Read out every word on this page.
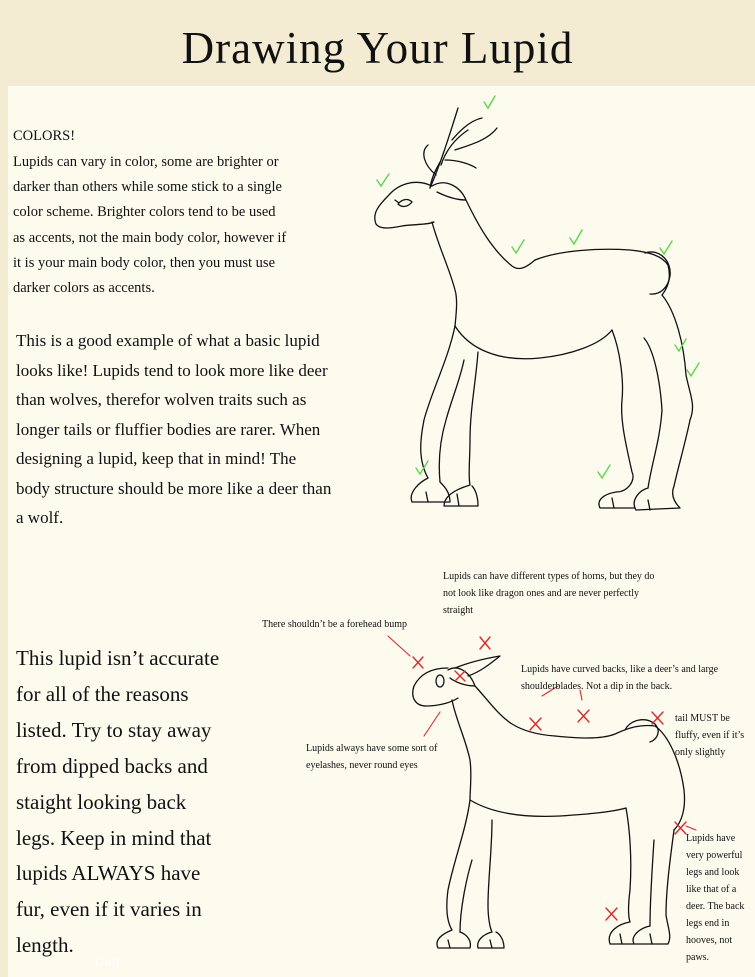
Drawing Your Lupid
COLORS!
Lupids can vary in color, some are brighter or
darker than others while some stick to a single
color scheme. Brighter colors tend to be used
as accents, not the main body color, however if
it is your main body color, then you must use
darker colors as accents.
This is a good example of what a basic lupid
looks like! Lupids tend to look more like deer
than wolves, therefor wolven traits such as
longer tails or fluffier bodies are rarer. When
designing a lupid, keep that in mind! The
body structure should be more like a deer than
a wolf.
This lupid isn’t accurate
for all of the reasons
listed. Try to stay away
from dipped backs and
staight looking back
legs. Keep in mind that
lupids ALWAYS have
fur, even if it varies in
length.
Lupids can have different types of horns, but they do
not look like dragon ones and are never perfectly
straight
There shouldn’t be a forehead bump
Lupids have curved backs, like a deer’s and large
shoulderblades. Not a dip in the back.
tail MUST be
fluffy, even if it’s
only slightly
Lupids always have some sort of
eyelashes, never round eyes
Lupids have
very powerful
legs and look
like that of a
deer. The back
legs end in
hooves, not
paws.
Cuff
